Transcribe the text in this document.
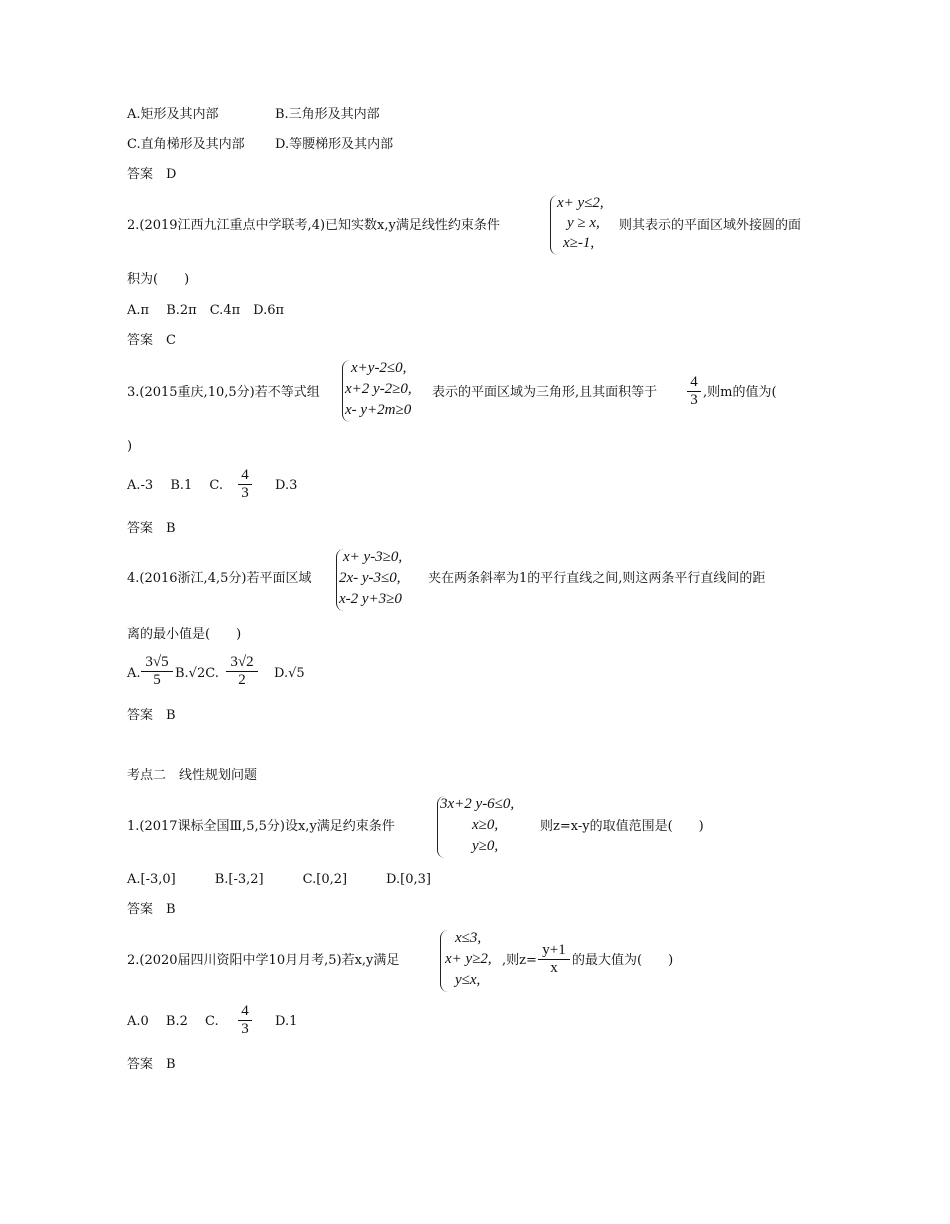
A.矩形及其内部	B.三角形及其内部
C.直角梯形及其内部 D.等腰梯形及其内部
答案　D
2.(2019江西九江重点中学联考,4)已知实数x,y满足线性约束条件
x+ y≤2,
y ≥ x,
x≥-1,
则其表示的平面区域外接圆的面
积为(　　)
A.π　 B.2π　C.4π　D.6π
答案　C
3.(2015重庆,10,5分)若不等式组
x+y-2≤0,
x+2 y-2≥0,
x- y+2m≥0
表示的平面区域为三角形,且其面积等于 $\frac{4}{3}$ ,则m的值为(
)
A.-3　 B.1　 C. $\frac{4}{3} D.3$
答案　B
4.(2016浙江,4,5分)若平面区域
x+ y-3≥0,
2x- y-3≤0,
x-2 y+3≥0
夹在两条斜率为1的平行直线之间,则这两条平行直线间的距
离的最小值是(　　)
A. $\frac{3√5}{5} B.√2C$. $\frac{3√2}{2} D.√5$
答案　B
考点二　线性规划问题
1.(2017课标全国Ⅲ,5,5分)设x,y满足约束条件
3x+2 y-6≤0,
x≥0,
y≥0,
则z=x-y的取值范围是(　　)
A.[-3,0]　　　B.[-3,2]　　　C.[0,2]　　　D.[0,3]
答案　B
2.(2020届四川资阳中学10月月考,5)若x,y满足
x≤3,
x+ y≥2,
y≤x,
,则$z= \frac{y+1}{x}$ 的最大值为(　　)
A.0　 B.2　 C. $\frac{4}{3} D.1$
答案　B
